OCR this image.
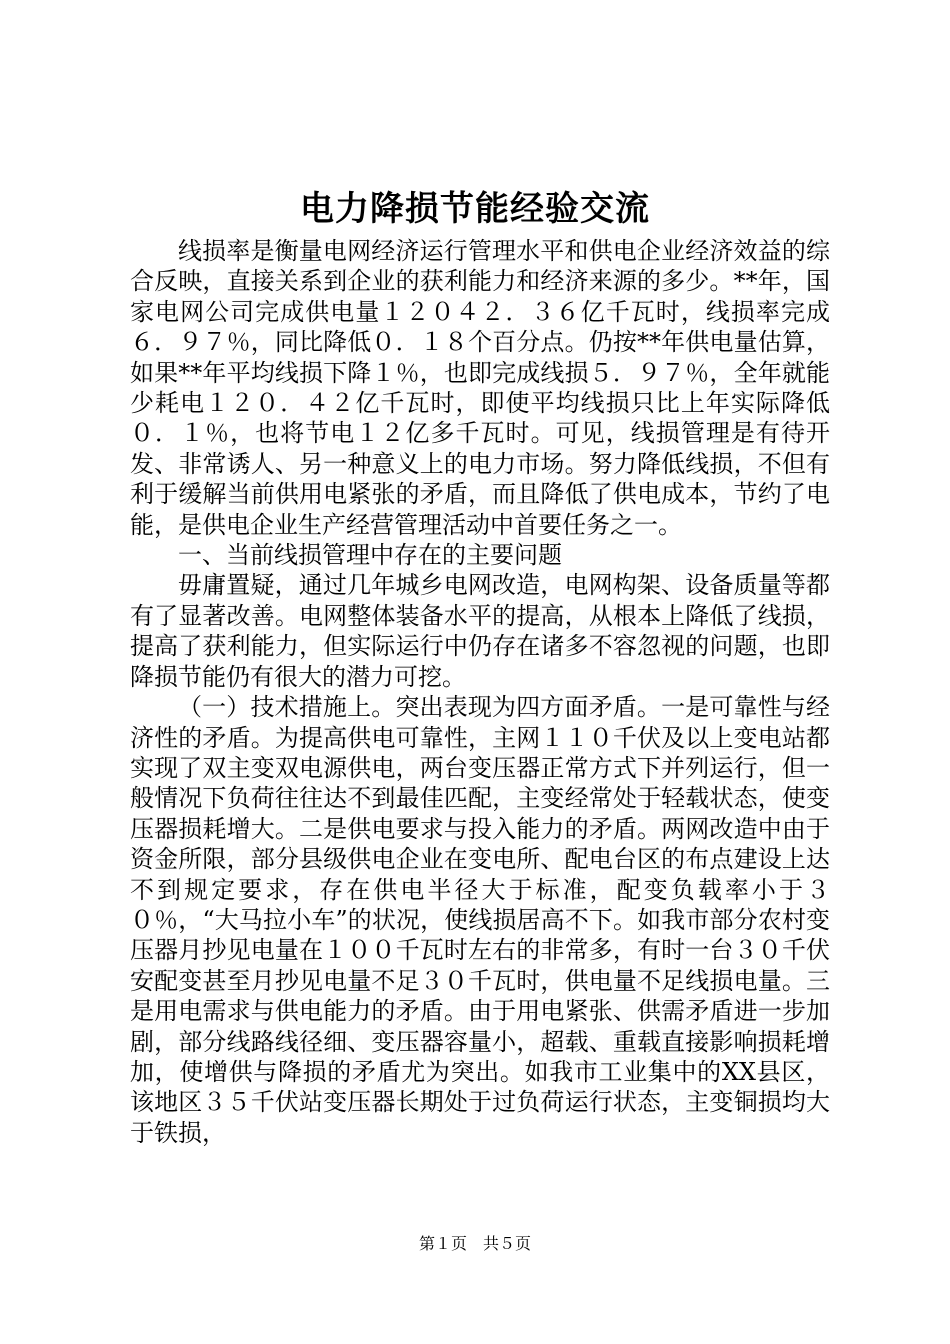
电力降损节能经验交流

线损率是衡量电网经济运行管理水平和供电企业经济效益的综合反映，直接关系到企业的获利能力和经济来源的多少。**年，国家电网公司完成供电量１２０４２．３６亿千瓦时，线损率完成６．９７％，同比降低０．１８个百分点。仍按**年供电量估算，如果**年平均线损下降１％，也即完成线损５．９７％，全年就能少耗电１２０．４２亿千瓦时，即使平均线损只比上年实际降低０．１％，也将节电１２亿多千瓦时。可见，线损管理是有待开发、非常诱人、另一种意义上的电力市场。努力降低线损，不但有利于缓解当前供用电紧张的矛盾，而且降低了供电成本，节约了电能，是供电企业生产经营管理活动中首要任务之一。

一、当前线损管理中存在的主要问题

毋庸置疑，通过几年城乡电网改造，电网构架、设备质量等都有了显著改善。电网整体装备水平的提高，从根本上降低了线损，提高了获利能力，但实际运行中仍存在诸多不容忽视的问题，也即降损节能仍有很大的潜力可挖。

（一）技术措施上。突出表现为四方面矛盾。一是可靠性与经济性的矛盾。为提高供电可靠性，主网１１０千伏及以上变电站都实现了双主变双电源供电，两台变压器正常方式下并列运行，但一般情况下负荷往往达不到最佳匹配，主变经常处于轻载状态，使变压器损耗增大。二是供电要求与投入能力的矛盾。两网改造中由于资金所限，部分县级供电企业在变电所、配电台区的布点建设上达不到规定要求，存在供电半径大于标准，配变负载率小于３０％，“大马拉小车”的状况，使线损居高不下。如我市部分农村变压器月抄见电量在１００千瓦时左右的非常多，有时一台３０千伏安配变甚至月抄见电量不足３０千瓦时，供电量不足线损电量。三是用电需求与供电能力的矛盾。由于用电紧张、供需矛盾进一步加剧，部分线路线径细、变压器容量小，超载、重载直接影响损耗增加，使增供与降损的矛盾尤为突出。如我市工业集中的XX县区，该地区３５千伏站变压器长期处于过负荷运行状态，主变铜损均大于铁损，

第１页　共５页
